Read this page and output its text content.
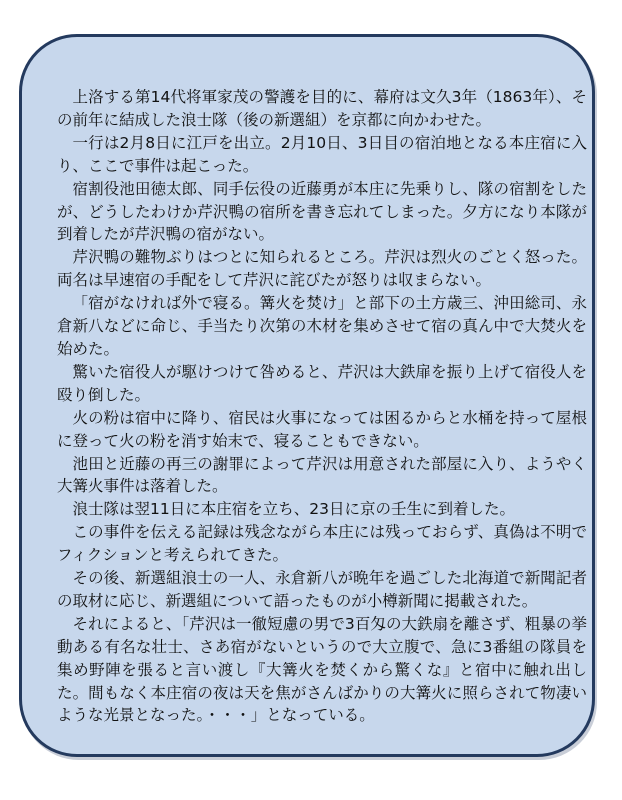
上洛する第14代将軍家茂の警護を目的に、幕府は文久3年（1863年）、その前年に結成した浪士隊（後の新選組）を京都に向かわせた。

一行は2月8日に江戸を出立。2月10日、3日目の宿泊地となる本庄宿に入り、ここで事件は起こった。

宿割役池田徳太郎、同手伝役の近藤勇が本庄に先乗りし、隊の宿割をしたが、どうしたわけか芹沢鴨の宿所を書き忘れてしまった。夕方になり本隊が到着したが芹沢鴨の宿がない。

芹沢鴨の難物ぶりはつとに知られるところ。芹沢は烈火のごとく怒った。両名は早速宿の手配をして芹沢に詫びたが怒りは収まらない。

「宿がなければ外で寝る。篝火を焚け」と部下の土方歳三、沖田総司、永倉新八などに命じ、手当たり次第の木材を集めさせて宿の真ん中で大焚火を始めた。

驚いた宿役人が駆けつけて咎めると、芹沢は大鉄扉を振り上げて宿役人を殴り倒した。

火の粉は宿中に降り、宿民は火事になっては困るからと水桶を持って屋根に登って火の粉を消す始末で、寝ることもできない。

池田と近藤の再三の謝罪によって芹沢は用意された部屋に入り、ようやく大篝火事件は落着した。

浪士隊は翌11日に本庄宿を立ち、23日に京の壬生に到着した。

この事件を伝える記録は残念ながら本庄には残っておらず、真偽は不明でフィクションと考えられてきた。

その後、新選組浪士の一人、永倉新八が晩年を過ごした北海道で新聞記者の取材に応じ、新選組について語ったものが小樽新聞に掲載された。

それによると、「芹沢は一徹短慮の男で3百匁の大鉄扇を離さず、粗暴の挙動ある有名な壮士、さあ宿がないというので大立腹で、急に3番組の隊員を集め野陣を張ると言い渡し『大篝火を焚くから驚くな』と宿中に触れ出した。間もなく本庄宿の夜は天を焦がさんばかりの大篝火に照らされて物凄いような光景となった。・・・」となっている。
